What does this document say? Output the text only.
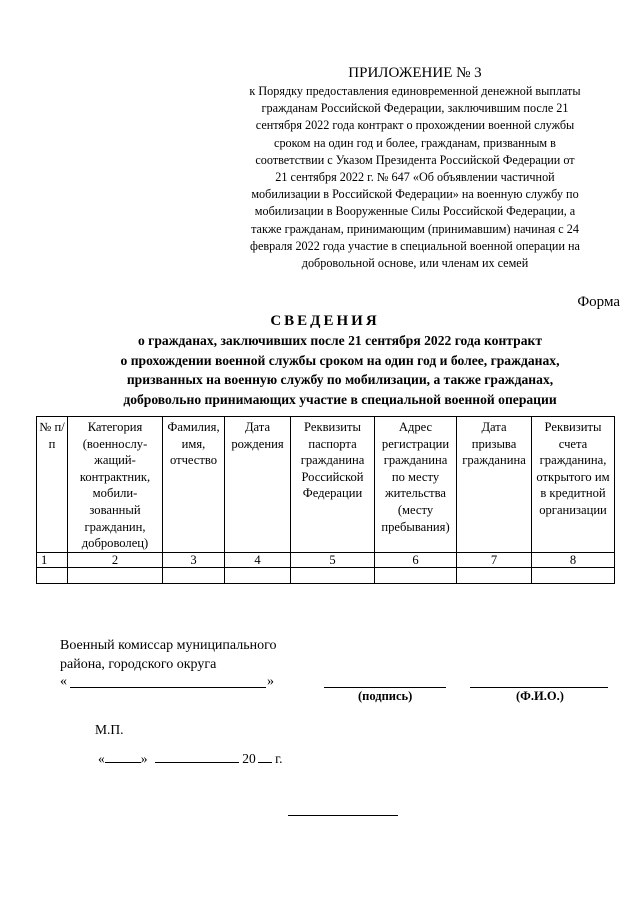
ПРИЛОЖЕНИЕ № 3
к Порядку предоставления единовременной денежной выплаты гражданам Российской Федерации, заключившим после 21 сентября 2022 года контракт о прохождении военной службы сроком на один год и более, гражданам, призванным в соответствии с Указом Президента Российской Федерации от 21 сентября 2022 г. № 647 «Об объявлении частичной мобилизации в Российской Федерации» на военную службу по мобилизации в Вооруженные Силы Российской Федерации, а также гражданам, принимающим (принимавшим) начиная с 24 февраля 2022 года участие в специальной военной операции на добровольной основе, или членам их семей
Форма
СВЕДЕНИЯ
о гражданах, заключивших после 21 сентября 2022 года контракт
о прохождении военной службы сроком на один год и более, гражданах,
призванных на военную службу по мобилизации, а также гражданах,
добровольно принимающих участие в специальной военной операции
№ п/п	Категория (военнослу-жащий-контрактник, мобили-зованный гражданин, доброволец)	Фамилия, имя, отчество	Дата рождения	Реквизиты паспорта гражданина Российской Федерации	Адрес регистрации гражданина по месту жительства (месту пребывания)	Дата призыва гражданина	Реквизиты счета гражданина, открытого им в кредитной организации
1	2	3	4	5	6	7	8

Военный комиссар муниципального
района, городского округа
«	»
(подпись)	(Ф.И.О.)
М.П.
«	»	20 г.
